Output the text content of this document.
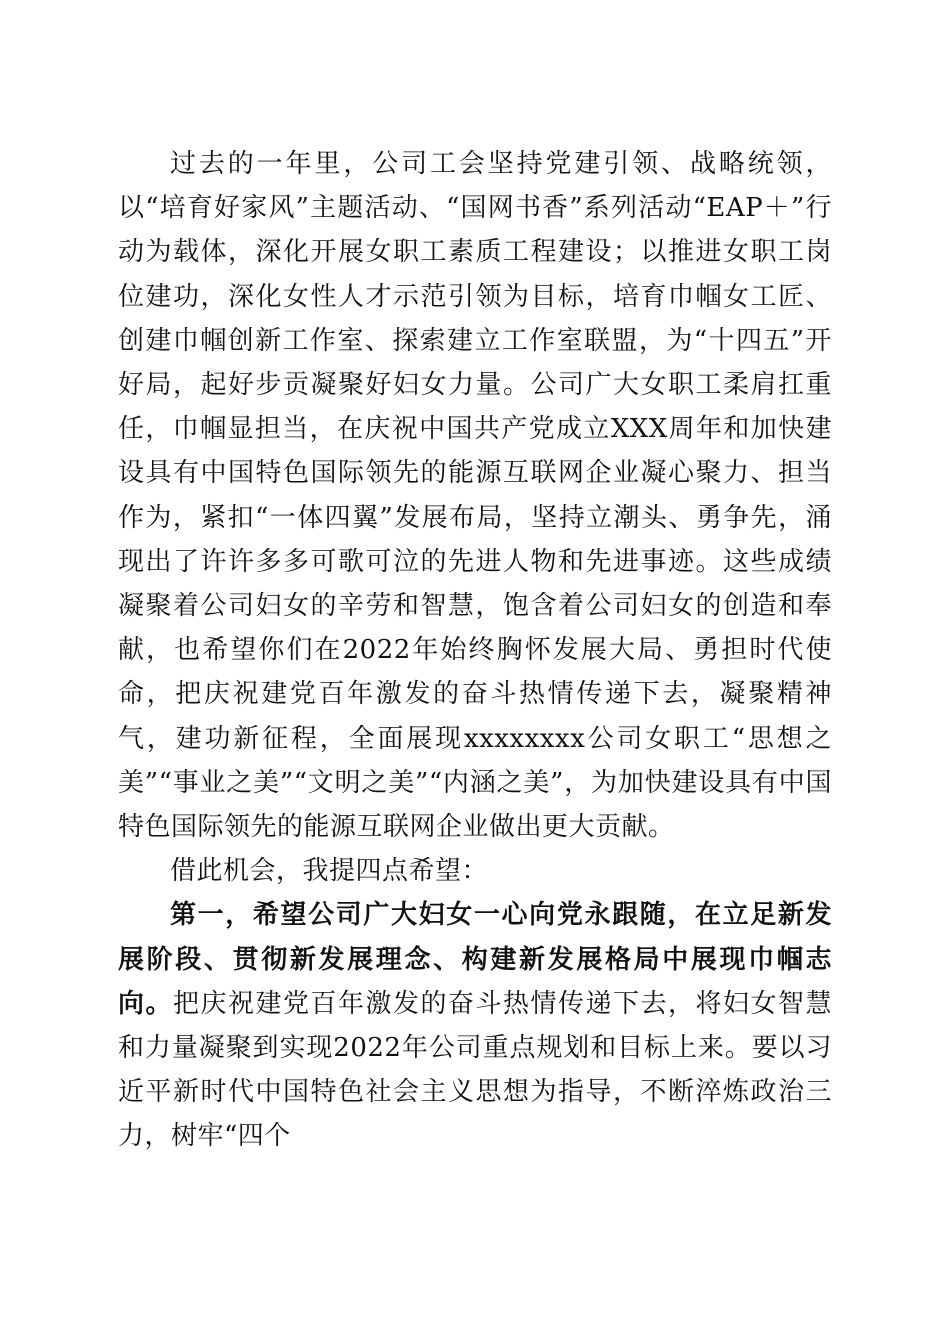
过去的一年里，公司工会坚持党建引领、战略统领，以“培育好家风”主题活动、“国网书香”系列活动“EAP＋”行动为载体，深化开展女职工素质工程建设；以推进女职工岗位建功，深化女性人才示范引领为目标，培育巾帼女工匠、创建巾帼创新工作室、探索建立工作室联盟，为“十四五”开好局，起好步贡凝聚好妇女力量。公司广大女职工柔肩扛重任，巾帼显担当，在庆祝中国共产党成立XXX周年和加快建设具有中国特色国际领先的能源互联网企业凝心聚力、担当作为，紧扣“一体四翼”发展布局，坚持立潮头、勇争先，涌现出了许许多多可歌可泣的先进人物和先进事迹。这些成绩凝聚着公司妇女的辛劳和智慧，饱含着公司妇女的创造和奉献，也希望你们在2022年始终胸怀发展大局、勇担时代使命，把庆祝建党百年激发的奋斗热情传递下去，凝聚精神气，建功新征程，全面展现xxxxxxxx公司女职工“思想之美”“事业之美”“文明之美”“内涵之美”，为加快建设具有中国特色国际领先的能源互联网企业做出更大贡献。

借此机会，我提四点希望：

第一，希望公司广大妇女一心向党永跟随，在立足新发展阶段、贯彻新发展理念、构建新发展格局中展现巾帼志向。把庆祝建党百年激发的奋斗热情传递下去，将妇女智慧和力量凝聚到实现2022年公司重点规划和目标上来。要以习近平新时代中国特色社会主义思想为指导，不断淬炼政治三力，树牢“四个
